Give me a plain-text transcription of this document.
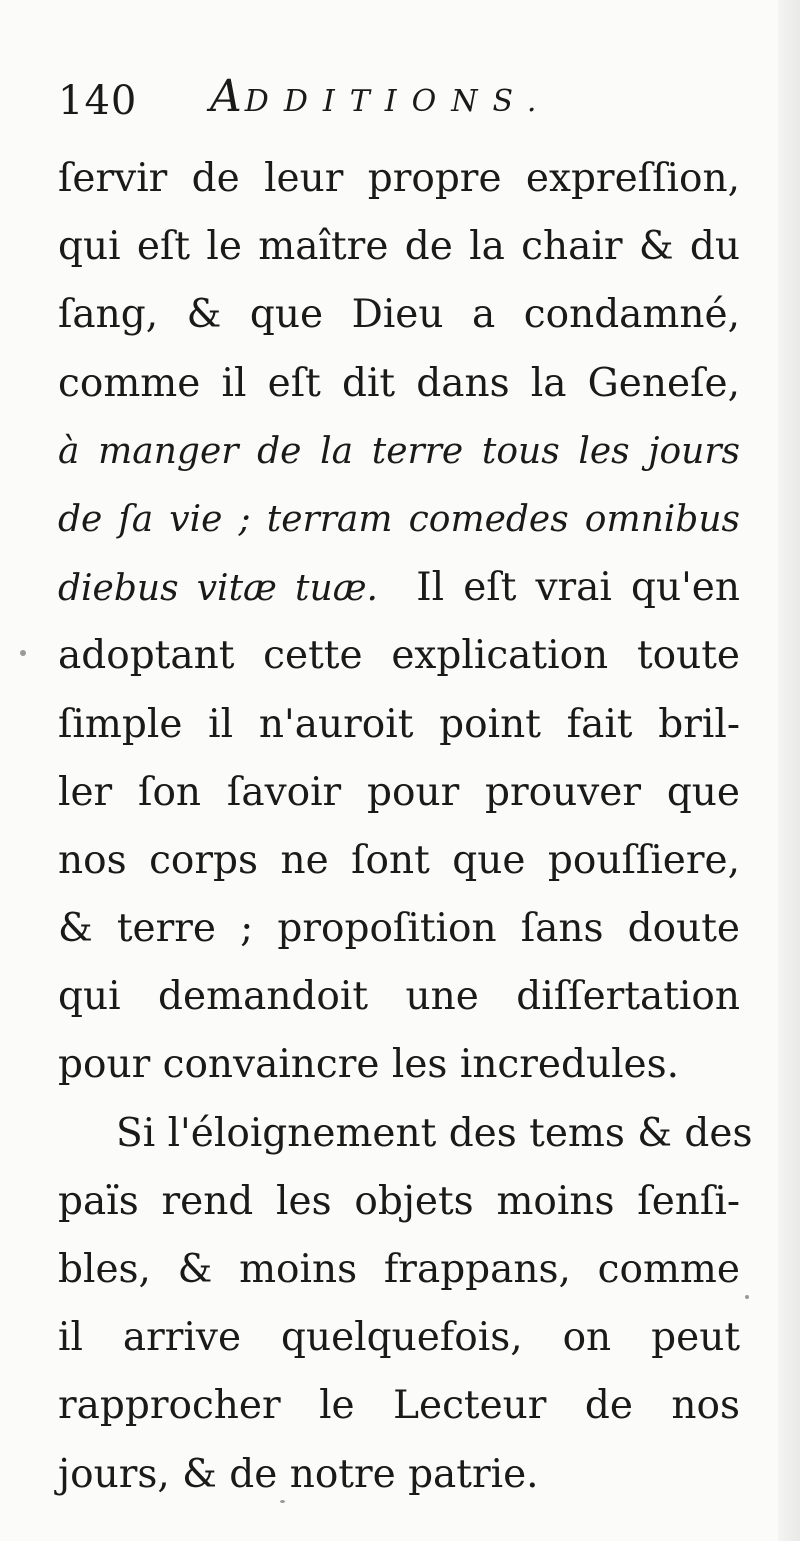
140 ADDITIONS.
ſervir de leur propre expreſſion,
qui eſt le maître de la chair & du
ſang, & que Dieu a condamné,
comme il eſt dit dans la Geneſe,
à manger de la terre tous les jours
de ſa vie ; terram comedes omnibus
diebus vitæ tuæ. Il eſt vrai qu'en
adoptant cette explication toute
ſimple il n'auroit point fait bril-
ler ſon ſavoir pour prouver que
nos corps ne ſont que pouſſiere,
& terre ; propoſition ſans doute
qui demandoit une diſſertation
pour convaincre les incredules.
Si l'éloignement des tems & des
païs rend les objets moins ſenſi-
bles, & moins frappans, comme
il arrive quelquefois, on peut
rapprocher le Lecteur de nos
jours, & de notre patrie.
